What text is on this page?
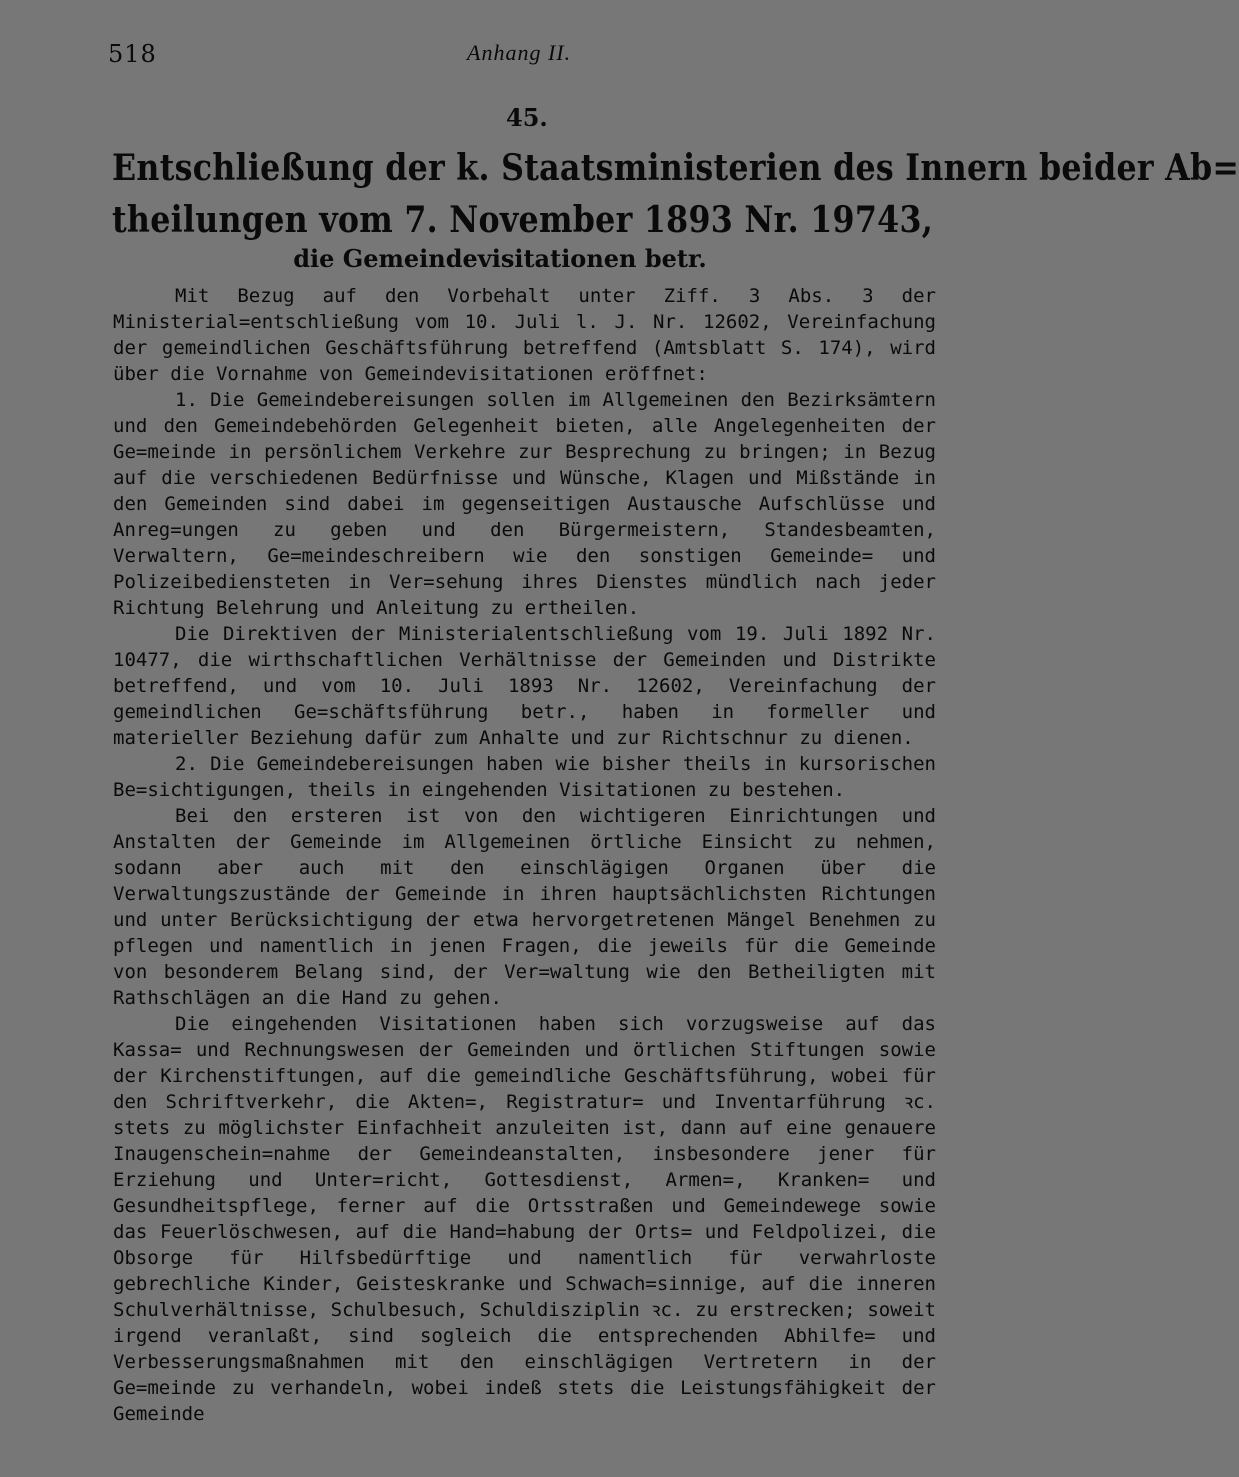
518	Anhang II.
45.
Entschließung der k. Staatsministerien des Innern beider Ab=
theilungen vom 7. November 1893 Nr. 19743,
die Gemeindevisitationen betr.

Mit Bezug auf den Vorbehalt unter Ziff. 3 Abs. 3 der Ministerial=entschließung vom 10. Juli l. J. Nr. 12602, Vereinfachung der gemeindlichen Geschäftsführung betreffend (Amtsblatt S. 174), wird über die Vornahme von Gemeindevisitationen eröffnet:

1. Die Gemeindebereisungen sollen im Allgemeinen den Bezirksämtern und den Gemeindebehörden Gelegenheit bieten, alle Angelegenheiten der Ge=meinde in persönlichem Verkehre zur Besprechung zu bringen; in Bezug auf die verschiedenen Bedürfnisse und Wünsche, Klagen und Mißstände in den Gemeinden sind dabei im gegenseitigen Austausche Aufschlüsse und Anreg=ungen zu geben und den Bürgermeistern, Standesbeamten, Verwaltern, Ge=meindeschreibern wie den sonstigen Gemeinde= und Polizeibediensteten in Ver=sehung ihres Dienstes mündlich nach jeder Richtung Belehrung und Anleitung zu ertheilen.

Die Direktiven der Ministerialentschließung vom 19. Juli 1892 Nr. 10477, die wirthschaftlichen Verhältnisse der Gemeinden und Distrikte betreffend, und vom 10. Juli 1893 Nr. 12602, Vereinfachung der gemeindlichen Ge=schäftsführung betr., haben in formeller und materieller Beziehung dafür zum Anhalte und zur Richtschnur zu dienen.

2. Die Gemeindebereisungen haben wie bisher theils in kursorischen Be=sichtigungen, theils in eingehenden Visitationen zu bestehen.

Bei den ersteren ist von den wichtigeren Einrichtungen und Anstalten der Gemeinde im Allgemeinen örtliche Einsicht zu nehmen, sodann aber auch mit den einschlägigen Organen über die Verwaltungszustände der Gemeinde in ihren hauptsächlichsten Richtungen und unter Berücksichtigung der etwa hervorgetretenen Mängel Benehmen zu pflegen und namentlich in jenen Fragen, die jeweils für die Gemeinde von besonderem Belang sind, der Ver=waltung wie den Betheiligten mit Rathschlägen an die Hand zu gehen.

Die eingehenden Visitationen haben sich vorzugsweise auf das Kassa= und Rechnungswesen der Gemeinden und örtlichen Stiftungen sowie der Kirchenstiftungen, auf die gemeindliche Geschäftsführung, wobei für den Schriftverkehr, die Akten=, Registratur= und Inventarführung ꝛc. stets zu möglichster Einfachheit anzuleiten ist, dann auf eine genauere Inaugenschein=nahme der Gemeindeanstalten, insbesondere jener für Erziehung und Unter=richt, Gottesdienst, Armen=, Kranken= und Gesundheitspflege, ferner auf die Ortsstraßen und Gemeindewege sowie das Feuerlöschwesen, auf die Hand=habung der Orts= und Feldpolizei, die Obsorge für Hilfsbedürftige und namentlich für verwahrloste gebrechliche Kinder, Geisteskranke und Schwach=sinnige, auf die inneren Schulverhältnisse, Schulbesuch, Schuldisziplin ꝛc. zu erstrecken; soweit irgend veranlaßt, sind sogleich die entsprechenden Abhilfe= und Verbesserungsmaßnahmen mit den einschlägigen Vertretern in der Ge=meinde zu verhandeln, wobei indeß stets die Leistungsfähigkeit der Gemeinde
